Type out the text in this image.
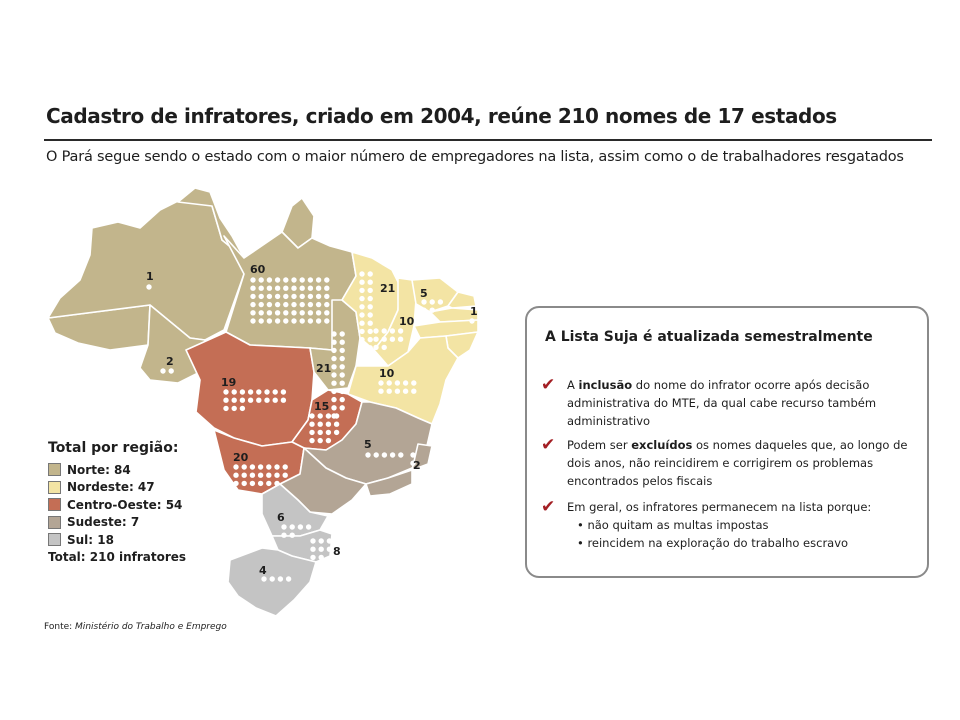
Cadastro de infratores, criado em 2004, reúne 210 nomes de 17 estados
O Pará segue sendo o estado com o maior número de empregadores na lista, assim como o de trabalhadores resgatados
1
60
2
19
21
21
10
5
1
10
15
20
5
2
6
8
4
Total por região:
Norte: 84
Nordeste: 47
Centro-Oeste: 54
Sudeste: 7
Sul: 18
Total: 210 infratores
Fonte: Ministério do Trabalho e Emprego
A Lista Suja é atualizada semestralmente
✔	A inclusão do nome do infrator ocorre após decisão administrativa do MTE, da qual cabe recurso também administrativo
✔	Podem ser excluídos os nomes daqueles que, ao longo de dois anos, não reincidirem e corrigirem os problemas encontrados pelos fiscais
✔	Em geral, os infratores permanecem na lista porque:
• não quitam as multas impostas
• reincidem na exploração do trabalho escravo
